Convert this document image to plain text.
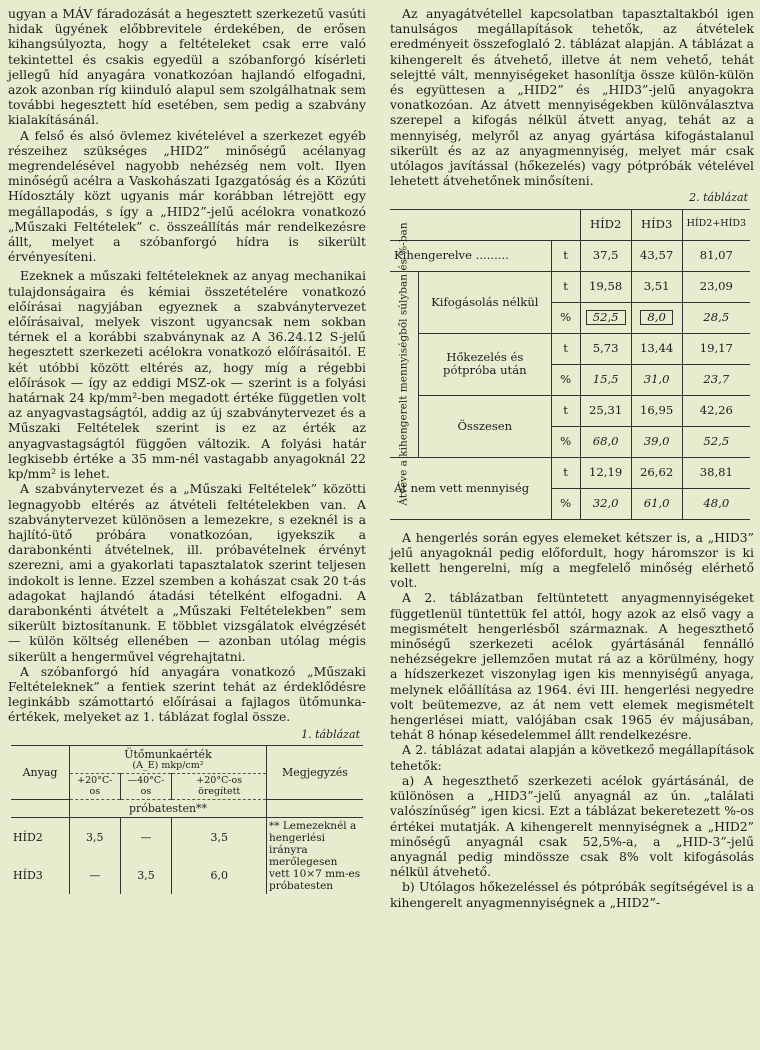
ugyan a MÁV fáradozását a hegesztett szerkezetű vasúti hidak ügyének előbbrevitele érdekében, de erősen kihangsúlyozta, hogy a feltételeket csak erre való tekintettel és csakis egyedül a szóbanforgó kísérleti jellegű híd anyagára vonatkozóan hajlandó elfogadni, azok azonban ríg kiinduló alapul sem szolgálhatnak sem további hegesztett híd esetében, sem pedig a szabvány kialakításánál.

A felső és alsó övlemez kivételével a szerkezet egyéb részeihez szükséges „HID2” minőségű acélanyag megrendelésével nagyobb nehézség nem volt. Ilyen minőségű acélra a Vaskohászati Igazgatóság és a Közúti Hídosztály közt ugyanis már korábban létrejött egy megállapodás, s így a „HID2”-jelű acélokra vonatkozó „Műszaki Feltételek” c. összeállítás már rendelkezésre állt, melyet a szóbanforgó hídra is sikerült érvényesíteni.

Ezeknek a műszaki feltételeknek az anyag mechanikai tulajdonságaira és kémiai összetételére vonatkozó előírásai nagyjában egyeznek a szabványtervezet előírásaival, melyek viszont ugyancsak nem sokban térnek el a korábbi szabványnak az A 36.24.12 S-jelű hegesztett szerkezeti acélokra vonatkozó előírásaitól. E két utóbbi között eltérés az, hogy míg a régebbi előírások — így az eddigi MSZ-ok — szerint is a folyási határnak 24 kp/mm²-ben megadott értéke független volt az anyagvastagságtól, addig az új szabványtervezet és a Műszaki Feltételek szerint is ez az érték az anyagvastagságtól függően változik. A folyási határ legkisebb értéke a 35 mm-nél vastagabb anyagoknál 22 kp/mm² is lehet.

A szabványtervezet és a „Műszaki Feltételek” közötti legnagyobb eltérés az átvételi feltételekben van. A szabványtervezet különösen a lemezekre, s ezeknél is a hajlító-ütő próbára vonatkozóan, igyekszik a darabonkénti átvételnek, ill. próbavételnek érvényt szerezni, ami a gyakorlati tapasztalatok szerint teljesen indokolt is lenne. Ezzel szemben a kohászat csak 20 t-ás adagokat hajlandó átadási tételként elfogadni. A darabonkénti átvételt a „Műszaki Feltételekben” sem sikerült biztosítanunk. E többlet vizsgálatok elvégzését — külön költség ellenében — azonban utólag mégis sikerült a hengerművel végrehajtatni.

A szóbanforgó híd anyagára vonatkozó „Műszaki Feltételeknek” a fentiek szerint tehát az érdeklődésre leginkább számottartó előírásai a fajlagos ütőmunka-értékek, melyeket az 1. táblázat foglal össze.

1. táblázat
Anyag	Ütőmunkaérték
(A_E) mkp/cm²			Megjegyzés
	+20°C-os	—40°C-os	+20°C-os öregített	
	próbatesten**			
HÍD2	3,5	—	3,5	** Lemezeknél a hengerlési irányra merőlegesen vett 10×7 mm-es próbatesten
HÍD3	—	3,5	6,0	

Az anyagátvétellel kapcsolatban tapasztaltakból igen tanulságos megállapítások tehetők, az átvételek eredményeit összefoglaló 2. táblázat alapján. A táblázat a kihengerelt és átvehető, illetve át nem vehető, tehát selejtté vált, mennyiségeket hasonlítja össze külön-külön és együttesen a „HID2” és „HID3”-jelű anyagokra vonatkozóan. Az átvett mennyiségekben különválasztva szerepel a kifogás nélkül átvett anyag, tehát az a mennyiség, melyről az anyag gyártása kifogástalanul sikerült és az az anyagmennyiség, melyet már csak utólagos javítással (hőkezelés) vagy pótpróbák vételével lehetett átvehetőnek minősíteni.

2. táblázat
			HÍD2	HÍD3	HÍD2+HÍD3
Kihengerelve .........		t	37,5	43,57	81,07

Átvéve a kihengerelt mennyiségből súlyban és %-ban	Kifogásolás nélkül	t	19,58	3,51	23,09
		%	52,5	8,0	28,5
	Hőkezelés és pótpróba után	t	5,73	13,44	19,17
		%	15,5	31,0	23,7
	Összesen	t	25,31	16,95	42,26
		%	68,0	39,0	52,5
Át nem vett mennyiség		t	12,19	26,62	38,81
		%	32,0	61,0	48,0

A hengerlés során egyes elemeket kétszer is, a „HID3” jelű anyagoknál pedig előfordult, hogy háromszor is ki kellett hengerelni, míg a megfelelő minőség elérhető volt.

A 2. táblázatban feltüntetett anyagmennyiségeket függetlenül tüntettük fel attól, hogy azok az első vagy a megismételt hengerlésből származnak. A hegeszthető minőségű szerkezeti acélok gyártásánál fennálló nehézségekre jellemzően mutat rá az a körülmény, hogy a hídszerkezet viszonylag igen kis mennyiségű anyaga, melynek előállítása az 1964. évi III. hengerlési negyedre volt beütemezve, az át nem vett elemek megismételt hengerlései miatt, valójában csak 1965 év májusában, tehát 8 hónap késedelemmel állt rendelkezésre.

A 2. táblázat adatai alapján a következő megállapítások tehetők:

a) A hegeszthető szerkezeti acélok gyártásánál, de különösen a „HID3”-jelű anyagnál az ún. „találati valószínűség” igen kicsi. Ezt a táblázat bekeretezett %-os értékei mutatják. A kihengerelt mennyiségnek a „HID2” minőségű anyagnál csak 52,5%-a, a „HID-3”-jelű anyagnál pedig mindössze csak 8% volt kifogásolás nélkül átvehető.

b) Utólagos hőkezeléssel és pótpróbák segítségével is a kihengerelt anyagmennyiségnek a „HID2”-
